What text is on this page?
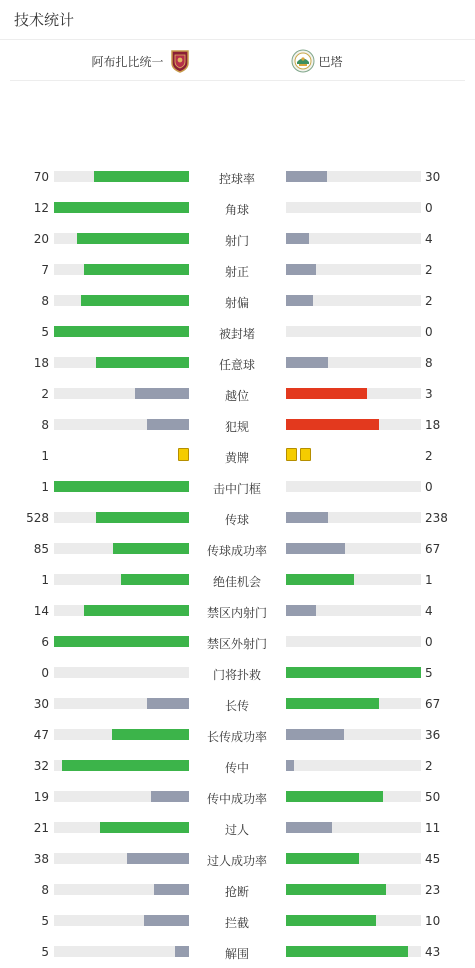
技术统计
阿布扎比统一	巴塔
70	控球率	30
12	角球	0
20	射门	4
7	射正	2
8	射偏	2
5	被封堵	0
18	任意球	8
2	越位	3
8	犯规	18
1	黄牌	2
1	击中门框	0
528	传球	238
85	传球成功率	67
1	绝佳机会	1
14	禁区内射门	4
6	禁区外射门	0
0	门将扑救	5
30	长传	67
47	长传成功率	36
32	传中	2
19	传中成功率	50
21	过人	11
38	过人成功率	45
8	抢断	23
5	拦截	10
5	解围	43
